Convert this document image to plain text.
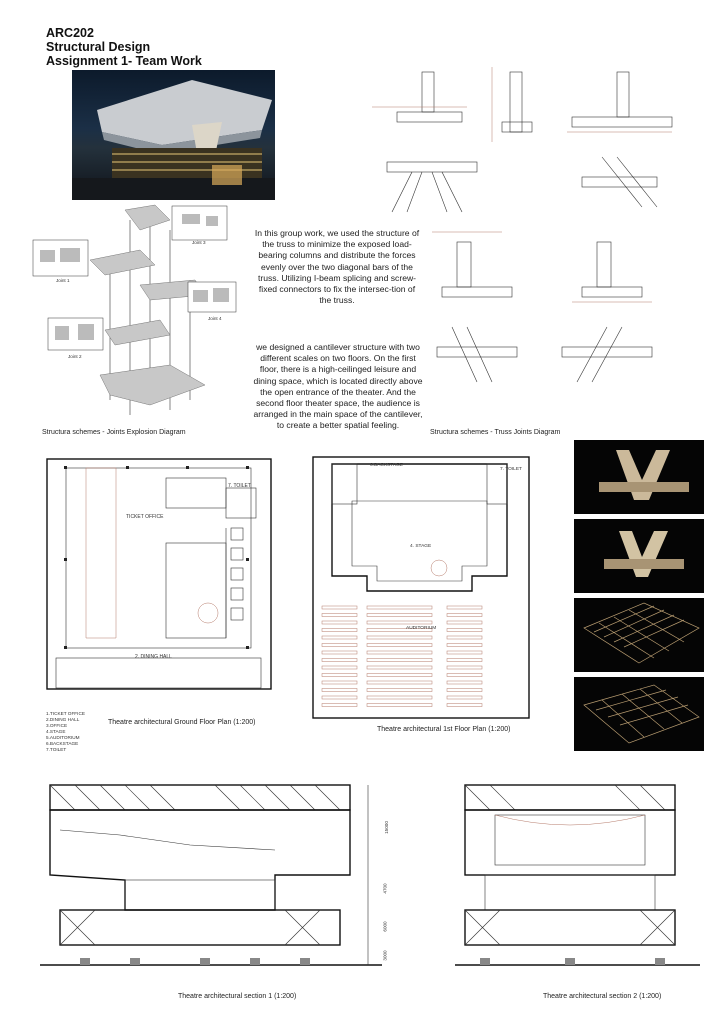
ARC202
Structural Design
Assignment 1- Team Work
Joint 3
Joint 1
Joint 4
Joint 2
Structura schemes - Joints Explosion Diagram
In this group work, we used the structure of the truss to minimize the exposed load-bearing columns and distribute the forces evenly over the two diagonal bars of the truss. Utilizing I-beam splicing and screw-fixed connectors to fix the intersec-tion of the truss.
we designed a cantilever structure with two different scales on two floors. On the first floor, there is a high-ceilinged leisure and dining space, which is located directly above the open entrance of the theater. And the second floor theater space, the audience is arranged in the main space of the cantilever, to create a better spatial feeling.
Structura schemes - Truss Joints Diagram
TICKET OFFICE
7. TOILET
2. DINING HALL
1.TICKET OFFICE
2.DINING HALL
3.OFFICE
4.STAGE
5.AUDITORIUM
6.BACKSTAGE
7.TOILET
Theatre architectural Ground Floor Plan (1:200)
6.BACKSTAGE
7. TOILET
4. STAGE
AUDITORIUM
Theatre architectural 1st Floor Plan (1:200)
15000
4700
6000
3000
Theatre architectural section 1 (1:200)	Theatre architectural section 2 (1:200)
